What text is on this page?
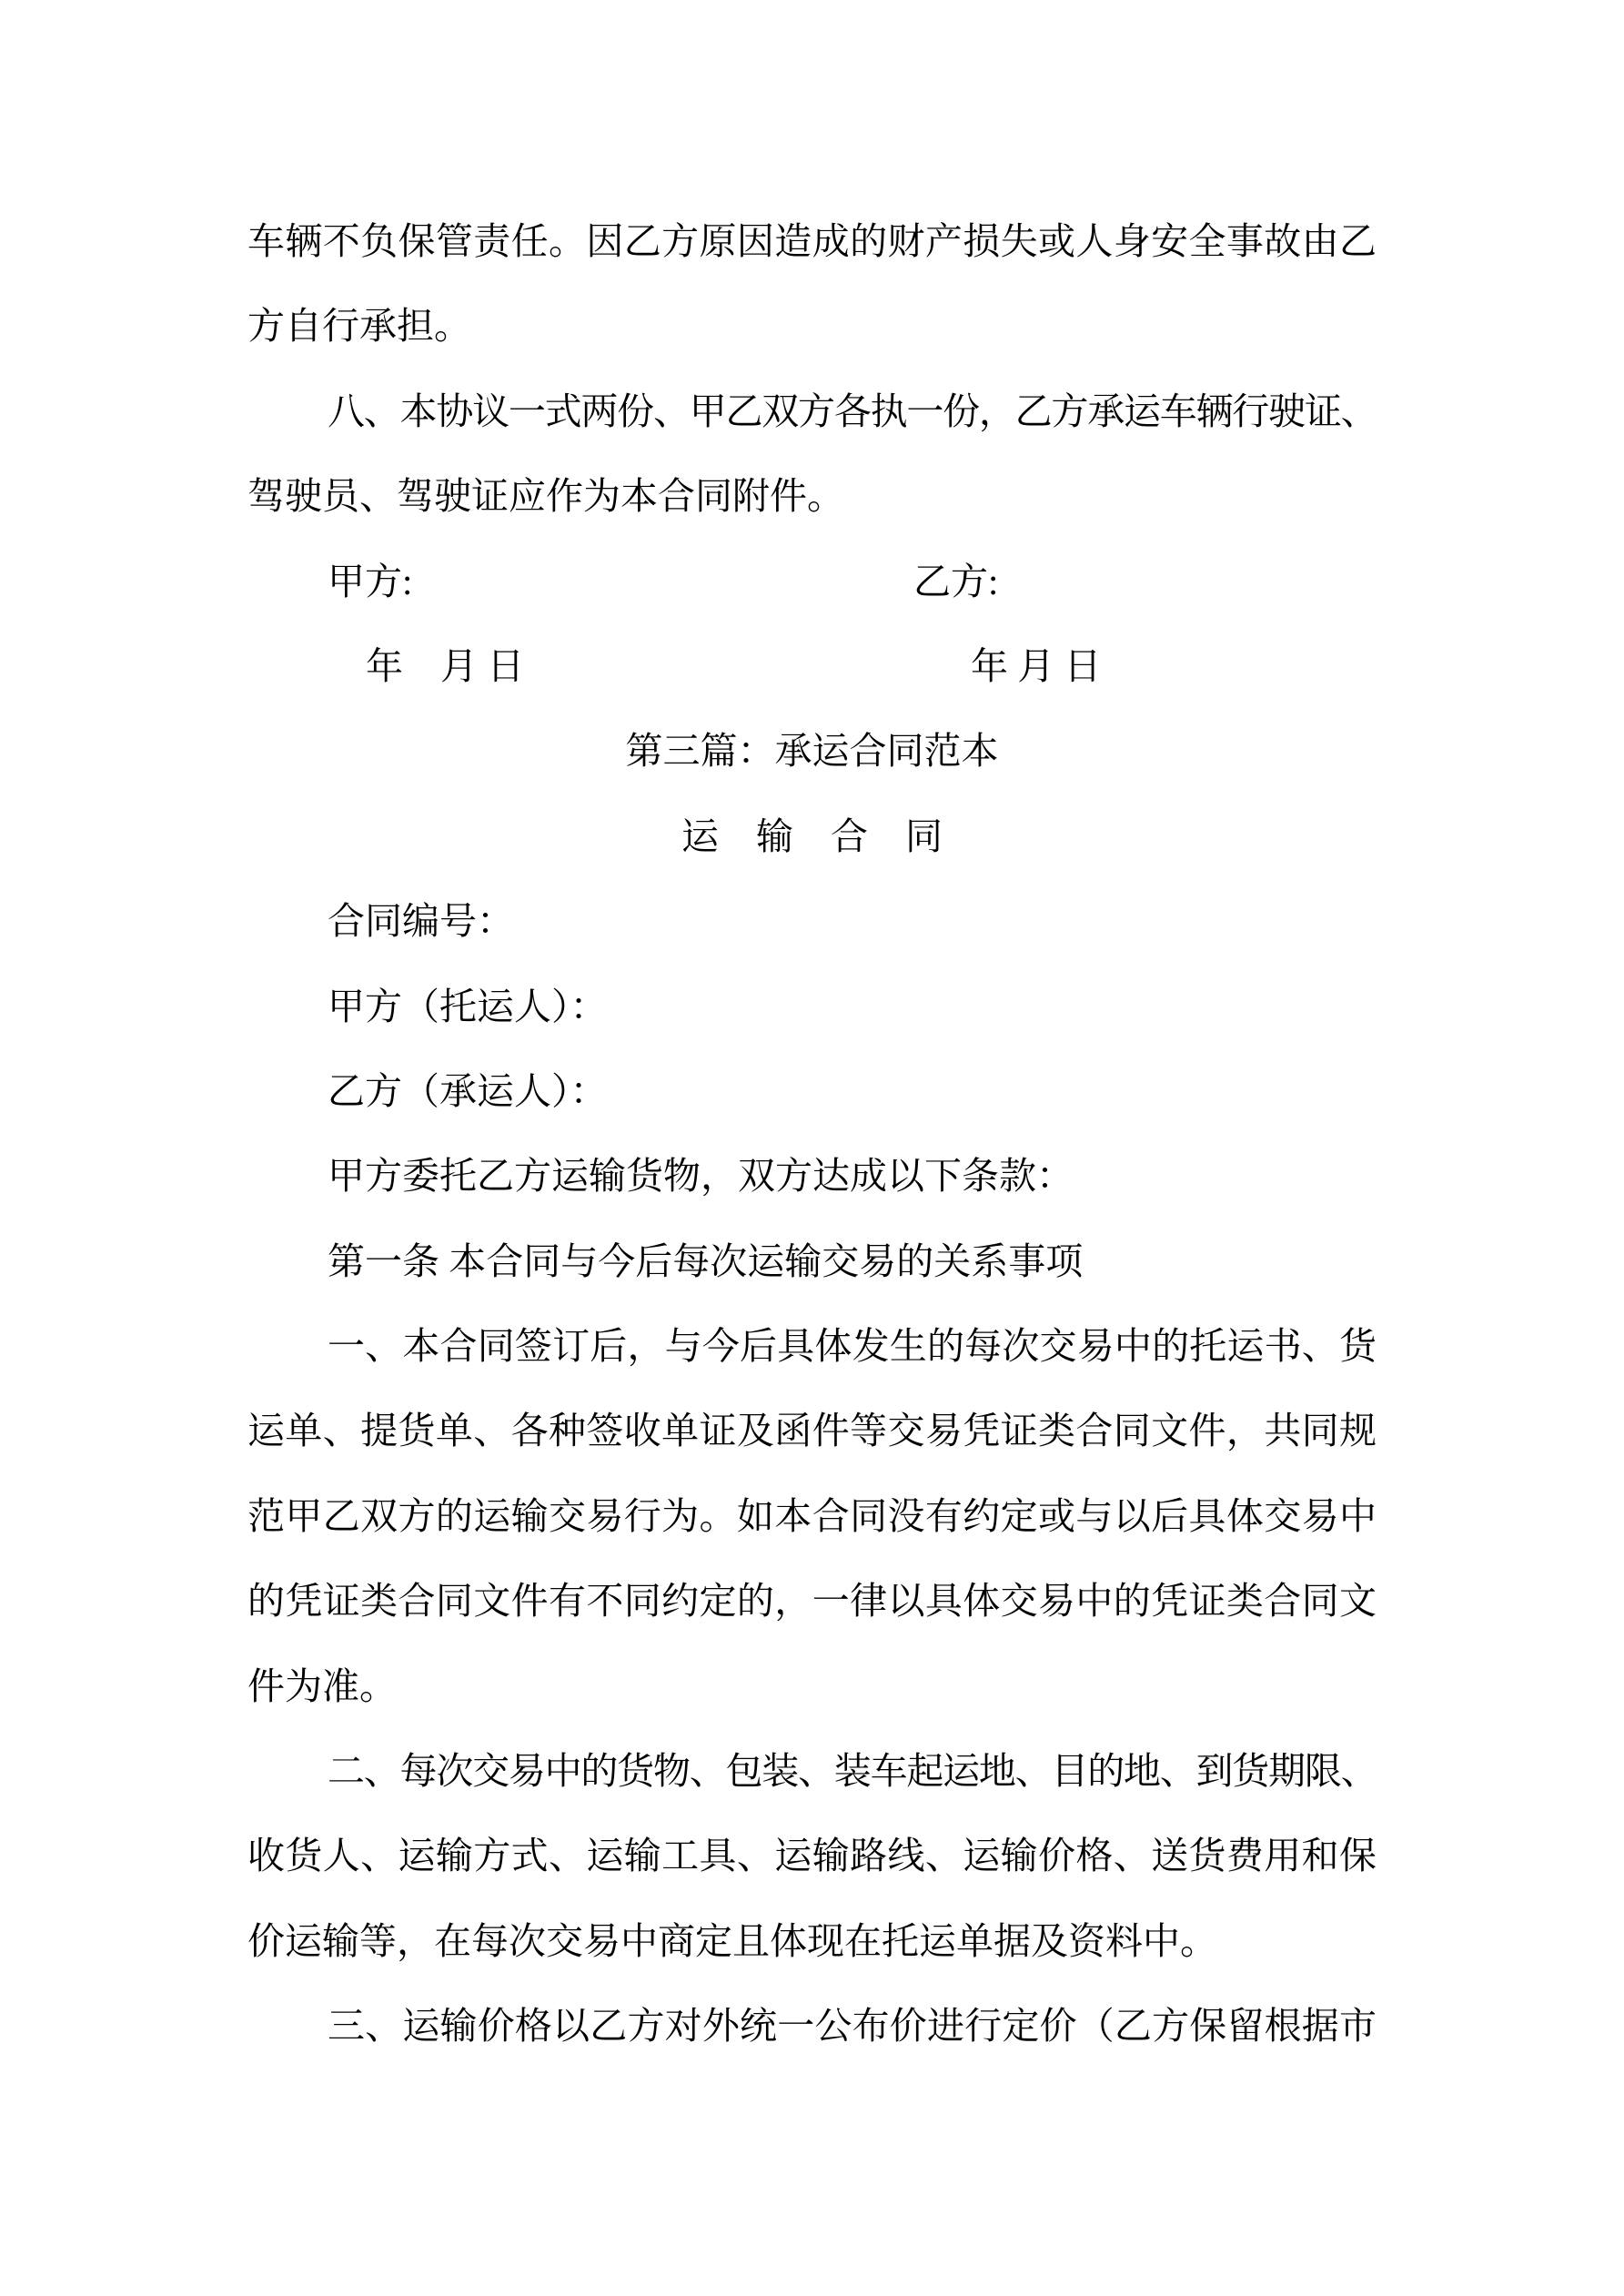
车辆不负保管责任。因乙方原因造成的财产损失或人身安全事故由乙
方自行承担。
八、本协议一式两份、甲乙双方各执一份，乙方承运车辆行驶证、
驾驶员、驾驶证应作为本合同附件。
甲方:	乙方:
年　月 日	年 月 日
第三篇：承运合同范本
运　输　合　同
合同编号：
甲方（托运人）：
乙方（承运人）：
甲方委托乙方运输货物，双方达成以下条款：
第一条 本合同与今后每次运输交易的关系事项
一、本合同签订后，与今后具体发生的每次交易中的托运书、货
运单、提货单、各种签收单证及函件等交易凭证类合同文件，共同规
范甲乙双方的运输交易行为。如本合同没有约定或与以后具体交易中
的凭证类合同文件有不同约定的，一律以具体交易中的凭证类合同文
件为准。
二、每次交易中的货物、包装、装车起运地、目的地、到货期限、
收货人、运输方式、运输工具、运输路线、运输价格、送货费用和保
价运输等，在每次交易中商定且体现在托运单据及资料中。
三、运输价格以乙方对外统一公布价进行定价（乙方保留根据市
